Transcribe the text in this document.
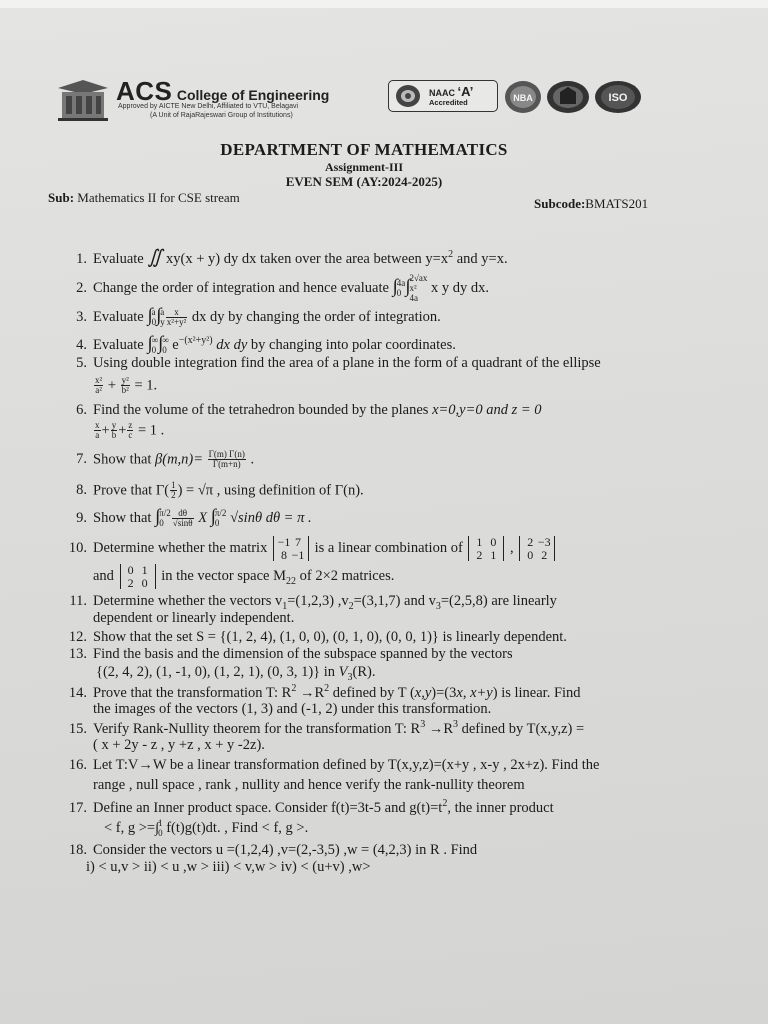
ACS College of Engineering
Approved by AICTE New Delhi, Affiliated to VTU, Belagavi
(A Unit of RajaRajeswari Group of Institutions)
NAAC ‘A’
Accredited	NBA	ISO
DEPARTMENT OF MATHEMATICS
Assignment-III
EVEN SEM (AY:2024-2025)
Sub: Mathematics II for CSE stream	Subcode:BMATS201
1. Evaluate ∬ xy(x + y) dy dx taken over the area between $y=x^2$ and y=x.
2. Change the order of integration and hence evaluate ∫ 4a
0 ∫ 2√ax
x²
4a
x y dy dx.
3. Evaluate ∫ a
0 ∫ a
y $\frac{x}{\text{x²+y²}}$ dx dy by changing the order of integration.
4. Evaluate ∫ ∞
0 ∫ ∞
0 $e^{-(x^2+y^2)}$ dx dy by changing into polar coordinates.
5. Using double integration find the area of a plane in the form of a quadrant of the ellipse
$\frac{\text{x²}}{\text{a²}} + \frac{\text{y²}}{\text{b²}} = 1$.
6. Find the volume of the tetrahedron bounded by the planes x=0,y=0 and z = 0
$\frac{x}{a} + \frac{y}{b} + \frac{z}{c} = 1$ .
7. Show that $\beta(m,n)= \frac{\Gamma(m) \Gamma(n)}{\Gamma(m+n)}$ .
8. Prove that $\Gamma( \frac{1}{2}$ ) = √π , using definition of Γ(n).
9. Show that ∫ π/2
$0 \frac{d\theta}{√\sin\theta}$ X ∫ π/2
0 √sinθ dθ = π .
10. Determine whether the matrix −1 7
8 −1 is a linear combination of 1 0
2 1 , 2 −3
0 2
and 0 1
2 0 in the vector space $M_{22}$ of 2×2 matrices.
11. Determine whether the vectors $v_1=(1,2,3)$ $,v_2=(3,1,7)$ and $v_3=(2,5,8)$ are linearly
dependent or linearly independent.
12. Show that the set S = {(1, 2, 4), (1, 0, 0), (0, 1, 0), (0, 0, 1)} is linearly dependent.
13. Find the basis and the dimension of the subspace spanned by the vectors
{(2, 4, 2), (1, -1, 0), (1, 2, 1), (0, 3, 1)} in $V_3(R)$.
14. Prove that the transformation T: $R^2 \to R^2$ defined by T (x,y)=(3x, x+y) is linear. Find
the images of the vectors (1, 3) and (-1, 2) under this transformation.
15. Verify Rank-Nullity theorem for the transformation T: $R^3 \to R^3$ defined by T(x,y,z) =
( x + 2y - z , y +z , x + y -2z).
16. Let T:V→W be a linear transformation defined by T(x,y,z)=(x+y , x-y , 2x+z). Find the
range , null space , rank , nullity and hence verify the rank-nullity theorem
17. Define an Inner product space. Consider f(t)=3t-5 and $g(t)=t^2$, the inner product
< f, g >=∫ 1
0 f(t)g(t)dt. , Find < f, g >.
18. Consider the vectors u =(1,2,4) ,v=(2,-3,5) ,w = (4,2,3) in R . Find
i) < u,v > ii) < u ,w > iii) < v,w > iv) < (u+v) ,w>
